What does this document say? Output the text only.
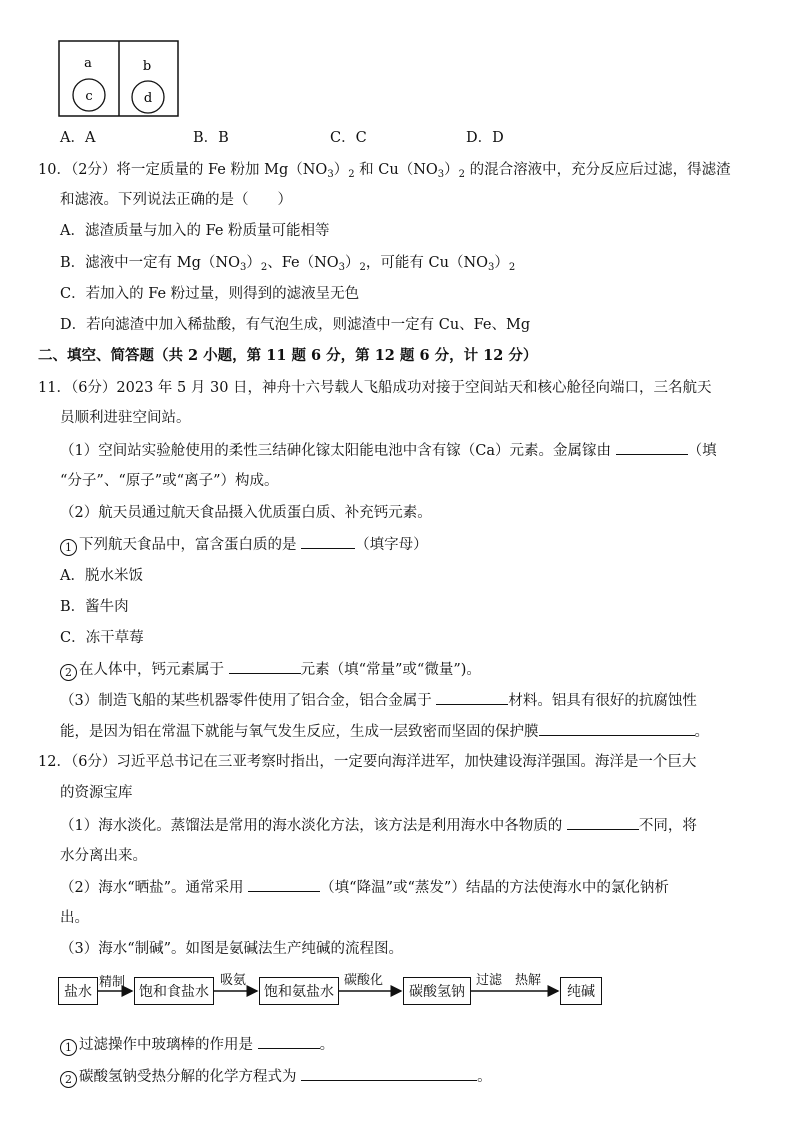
a	b
c	d
A．A	B．B	C．C	D．D
10．（2分）将一定质量的 Fe 粉加 $Mg(NO_3)_2$ 和 $Cu(NO_3)_2$ 的混合溶液中，充分反应后过滤，得滤渣
和滤液。下列说法正确的是（　　）
A．滤渣质量与加入的 Fe 粉质量可能相等
B．滤液中一定有 $Mg(NO_3)_2$、$Fe(NO_3)_2$，可能有 $Cu(NO_3)_2$
C．若加入的 Fe 粉过量，则得到的滤液呈无色
D．若向滤渣中加入稀盐酸，有气泡生成，则滤渣中一定有 Cu、Fe、Mg
二、填空、简答题（共 2 小题，第 11 题 6 分，第 12 题 6 分，计 12 分）
11．（6分）2023 年 5 月 30 日，神舟十六号载人飞船成功对接于空间站天和核心舱径向端口，三名航天
员顺利进驻空间站。
（1）空间站实验舱使用的柔性三结砷化镓太阳能电池中含有镓（Ca）元素。金属镓由	（填
“分子”、“原子”或“离子”）构成。
（2）航天员通过航天食品摄入优质蛋白质、补充钙元素。
1 下列航天食品中，富含蛋白质的是	（填字母）
A．脱水米饭
B．酱牛肉
C．冻干草莓
2 在人体中，钙元素属于	元素（填“常量”或“微量”)。
（3）制造飞船的某些机器零件使用了铝合金，铝合金属于	材料。铝具有很好的抗腐蚀性
能，是因为铝在常温下就能与氧气发生反应，生成一层致密而坚固的保护膜	。
12．（6分）习近平总书记在三亚考察时指出，一定要向海洋进军，加快建设海洋强国。海洋是一个巨大
的资源宝库
（1）海水淡化。蒸馏法是常用的海水淡化方法，该方法是利用海水中各物质的	不同，将
水分离出来。
（2）海水“晒盐”。通常采用	（填“降温”或“蒸发”）结晶的方法使海水中的氯化钠析
出。
（3）海水“制碱”。如图是氨碱法生产纯碱的流程图。
盐水	饱和食盐水	饱和氨盐水	碳酸氢钠	纯碱
精制	吸氨	碳酸化	过滤　热解
1 过滤操作中玻璃棒的作用是	。
2 碳酸氢钠受热分解的化学方程式为	。
